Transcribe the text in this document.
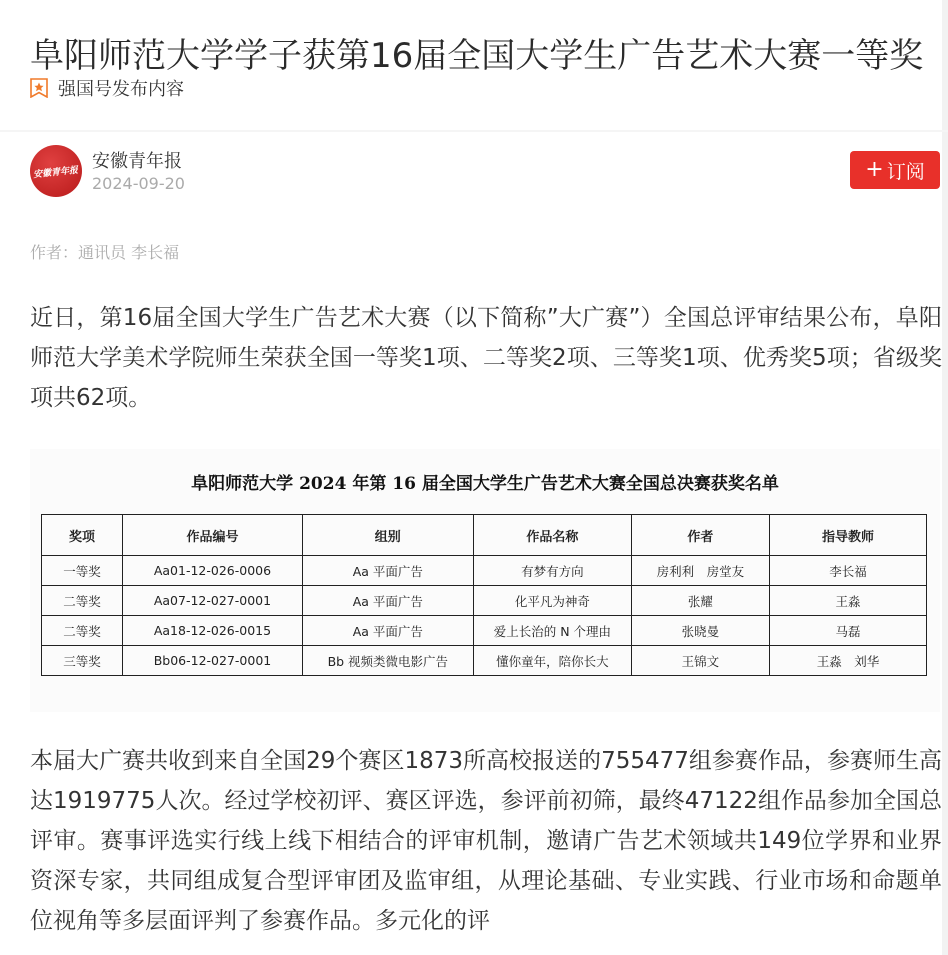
阜阳师范大学学子获第16届全国大学生广告艺术大赛一等奖
强国号发布内容
安徽青年报
安徽青年报
2024-09-20
+ 订阅
作者：通讯员 李长福

近日，第16届全国大学生广告艺术大赛（以下简称”大广赛”）全国总评审结果公布，阜阳师范大学美术学院师生荣获全国一等奖1项、二等奖2项、三等奖1项、优秀奖5项；省级奖项共62项。

阜阳师范大学 2024 年第 16 届全国大学生广告艺术大赛全国总决赛获奖名单
奖项	作品编号	组别	作品名称	作者	指导教师
一等奖	Aa01-12-026-0006	Aa 平面广告	有梦有方向	房利利　房堂友	李长福
二等奖	Aa07-12-027-0001	Aa 平面广告	化平凡为神奇	张耀	王淼
二等奖	Aa18-12-026-0015	Aa 平面广告	爱上长治的 N 个理由	张晓曼	马磊
三等奖	Bb06-12-027-0001	Bb 视频类微电影广告	懂你童年，陪你长大	王锦文	王淼　刘华

本届大广赛共收到来自全国29个赛区1873所高校报送的755477组参赛作品，参赛师生高达1919775人次。经过学校初评、赛区评选，参评前初筛，最终47122组作品参加全国总评审。赛事评选实行线上线下相结合的评审机制，邀请广告艺术领域共149位学界和业界资深专家，共同组成复合型评审团及监审组，从理论基础、专业实践、行业市场和命题单位视角等多层面评判了参赛作品。多元化的评
